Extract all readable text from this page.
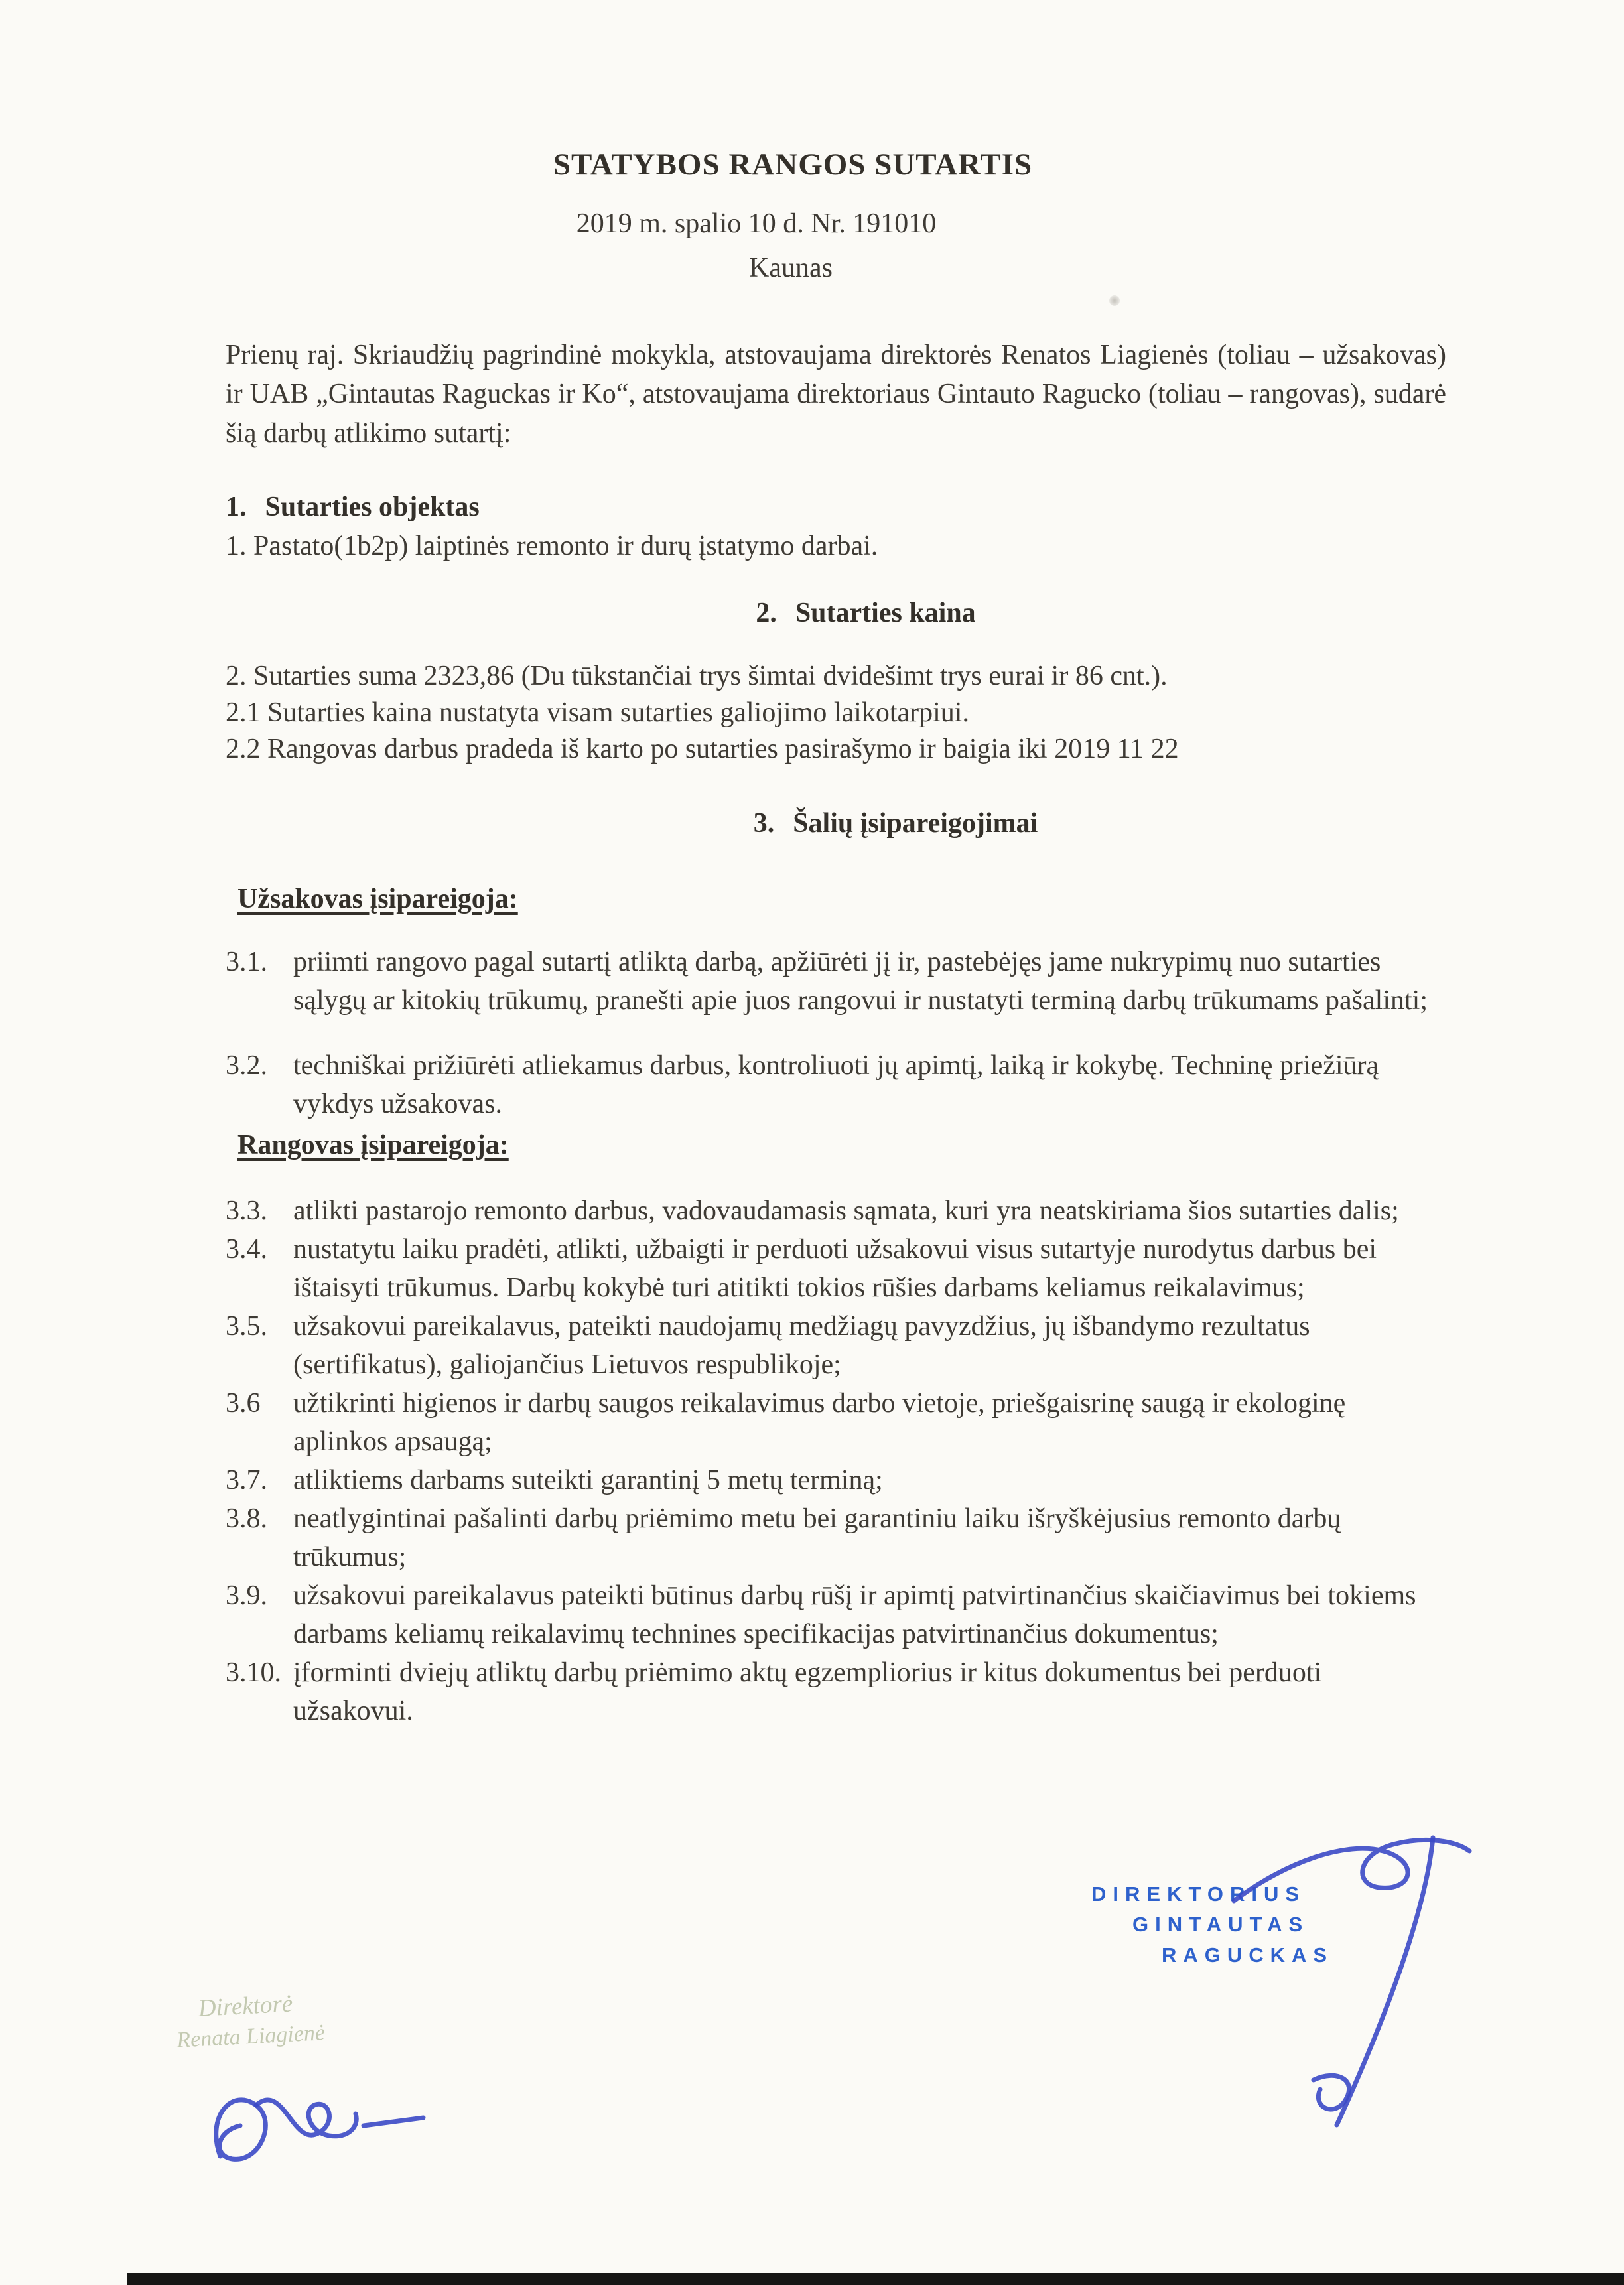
STATYBOS RANGOS SUTARTIS
2019 m. spalio 10 d. Nr. 191010
Kaunas
Prienų raj. Skriaudžių pagrindinė mokykla, atstovaujama direktorės Renatos Liagienės (toliau – užsakovas) ir UAB „Gintautas Raguckas ir Ko“, atstovaujama direktoriaus Gintauto Ragucko (toliau – rangovas), sudarė šią darbų atlikimo sutartį:
1. Sutarties objektas
1. Pastato(1b2p) laiptinės remonto ir durų įstatymo darbai.
2. Sutarties kaina
2. Sutarties suma 2323,86 (Du tūkstančiai trys šimtai dvidešimt trys eurai ir 86 cnt.).
2.1 Sutarties kaina nustatyta visam sutarties galiojimo laikotarpiui.
2.2 Rangovas darbus pradeda iš karto po sutarties pasirašymo ir baigia iki 2019 11 22
3. Šalių įsipareigojimai
Užsakovas įsipareigoja:
3.1. priimti rangovo pagal sutartį atliktą darbą, apžiūrėti jį ir, pastebėjęs jame nukrypimų nuo sutarties sąlygų ar kitokių trūkumų, pranešti apie juos rangovui ir nustatyti terminą darbų trūkumams pašalinti;
3.2. techniškai prižiūrėti atliekamus darbus, kontroliuoti jų apimtį, laiką ir kokybę. Techninę priežiūrą vykdys užsakovas.
Rangovas įsipareigoja:
3.3. atlikti pastarojo remonto darbus, vadovaudamasis sąmata, kuri yra neatskiriama šios sutarties dalis;
3.4. nustatytu laiku pradėti, atlikti, užbaigti ir perduoti užsakovui visus sutartyje nurodytus darbus bei ištaisyti trūkumus. Darbų kokybė turi atitikti tokios rūšies darbams keliamus reikalavimus;
3.5. užsakovui pareikalavus, pateikti naudojamų medžiagų pavyzdžius, jų išbandymo rezultatus (sertifikatus), galiojančius Lietuvos respublikoje;
3.6	užtikrinti higienos ir darbų saugos reikalavimus darbo vietoje, priešgaisrinę saugą ir ekologinę aplinkos apsaugą;
3.7. atliktiems darbams suteikti garantinį 5 metų terminą;
3.8. neatlygintinai pašalinti darbų priėmimo metu bei garantiniu laiku išryškėjusius remonto darbų trūkumus;
3.9. užsakovui pareikalavus pateikti būtinus darbų rūšį ir apimtį patvirtinančius skaičiavimus bei tokiems darbams keliamų reikalavimų technines specifikacijas patvirtinančius dokumentus;
3.10. įforminti dviejų atliktų darbų priėmimo aktų egzempliorius ir kitus dokumentus bei perduoti užsakovui.
DIREKTORIUS
GINTAUTAS
RAGUCKAS
Direktorė
Renata Liagienė
